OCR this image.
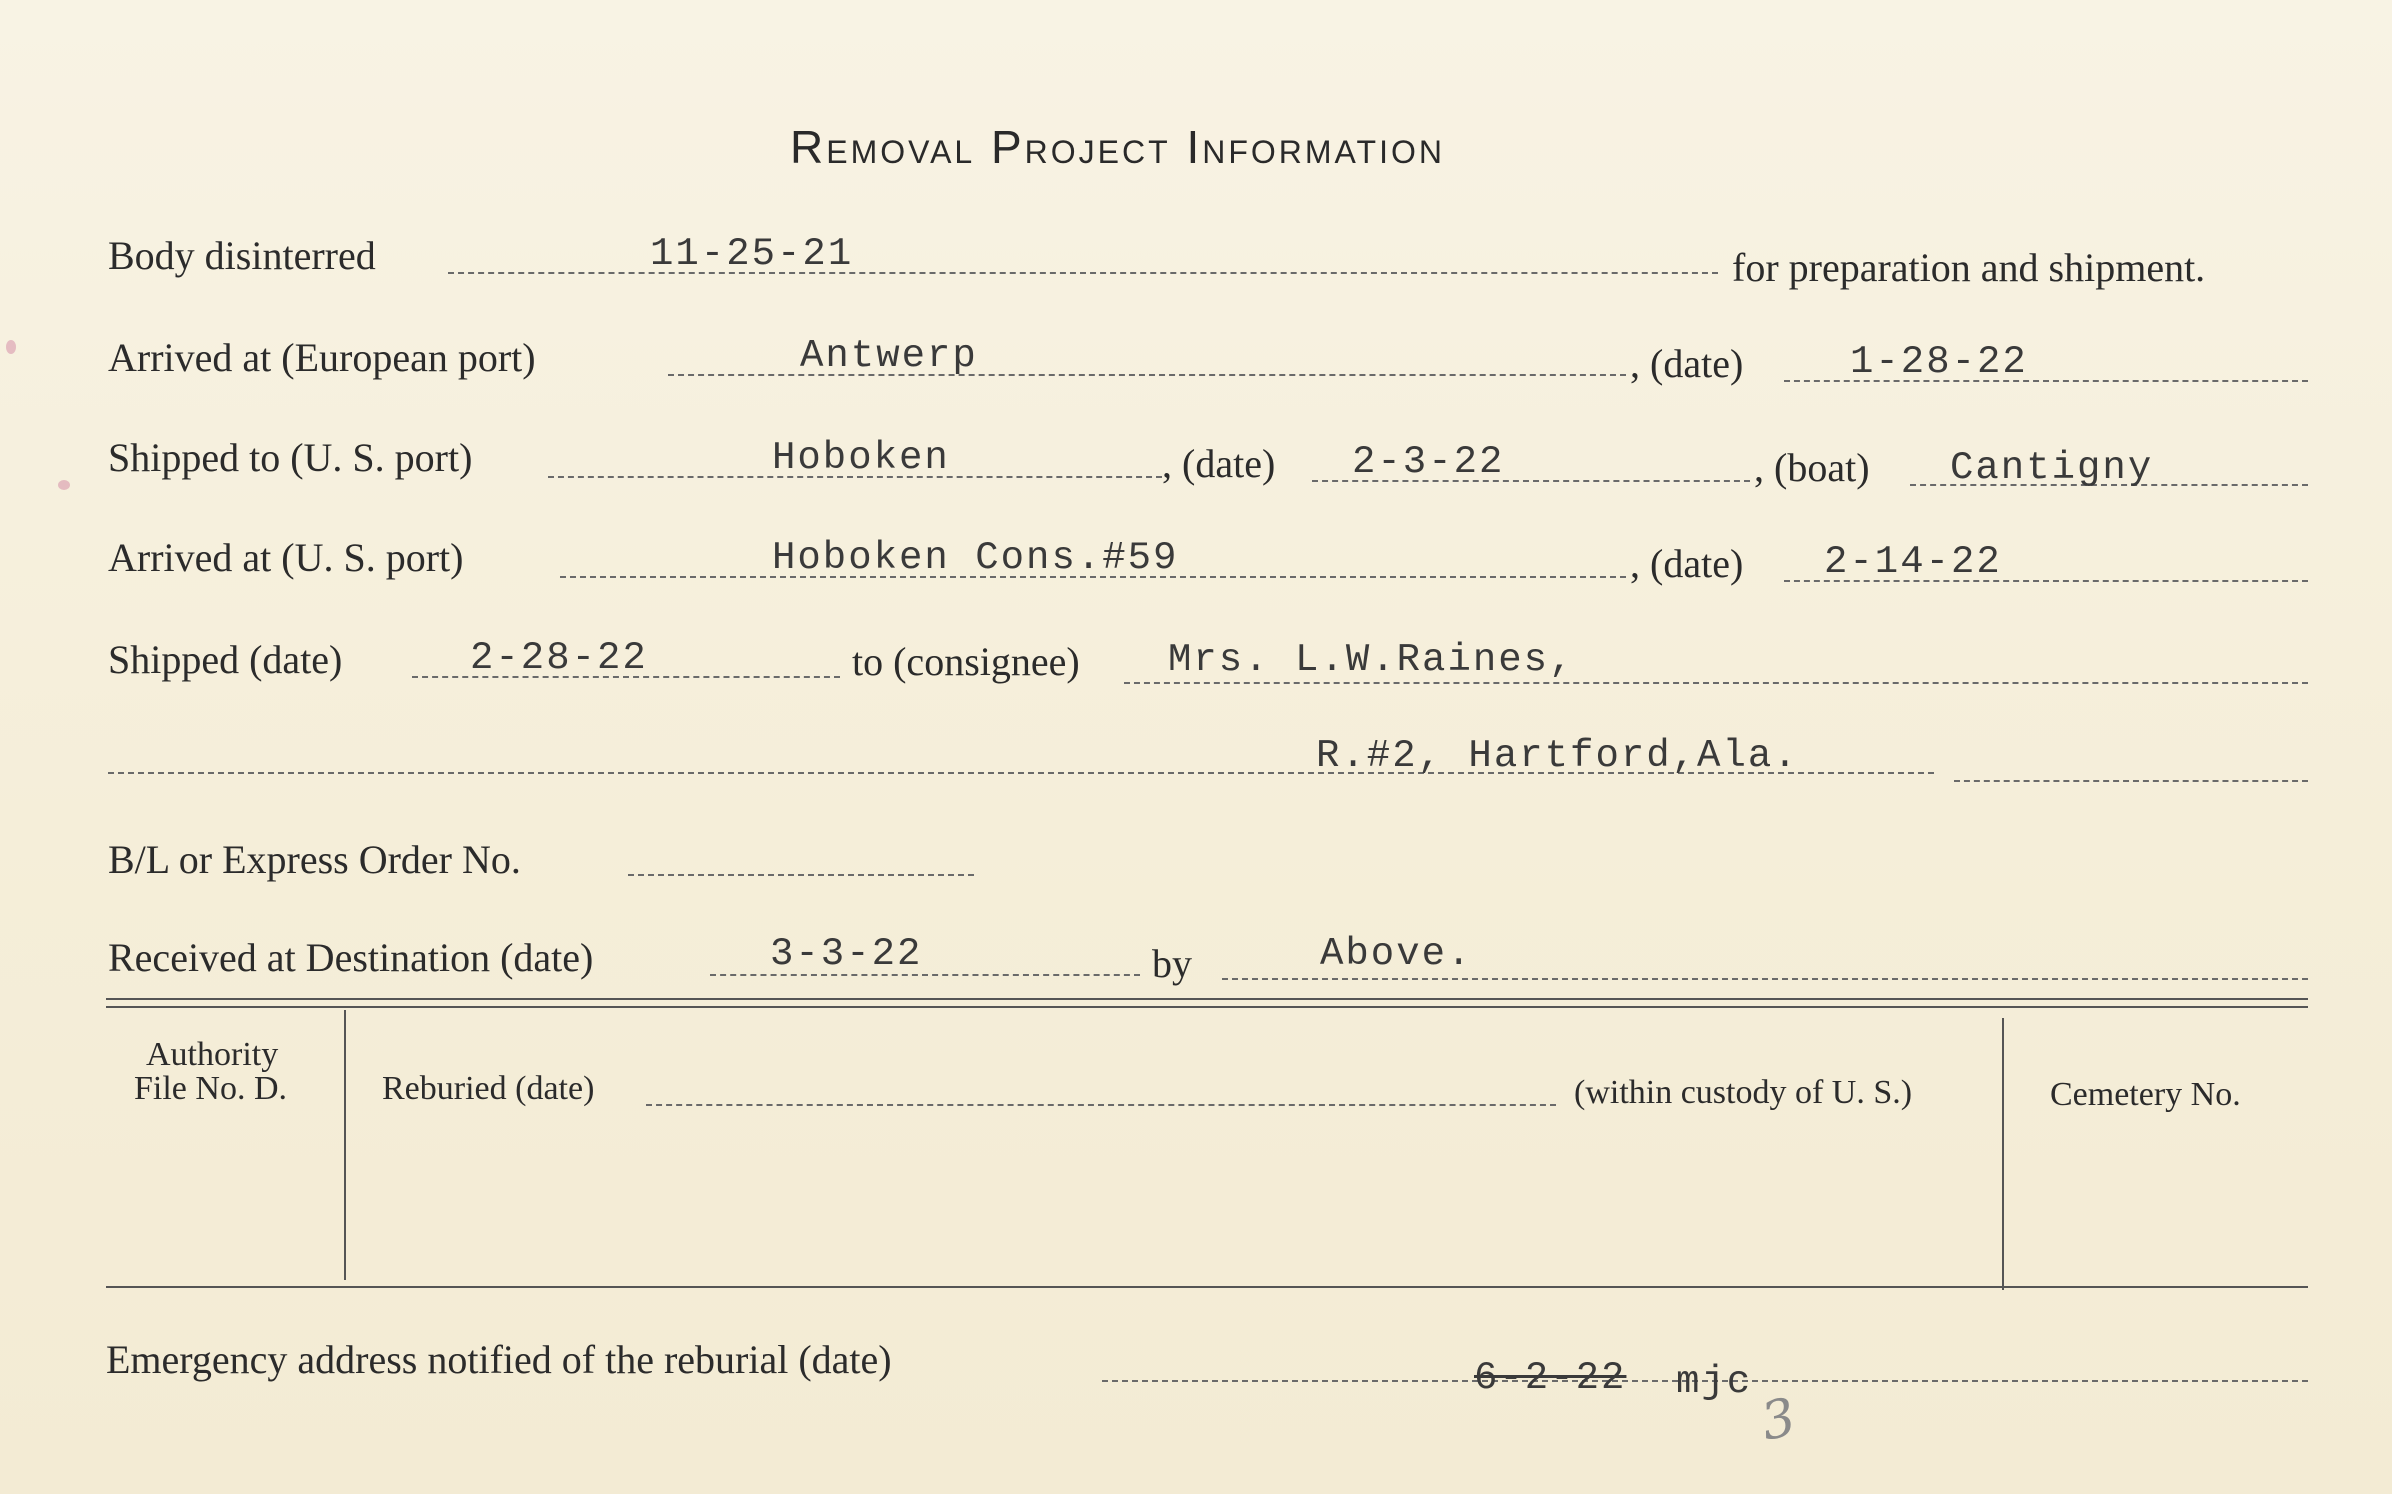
Removal Project Information
Body disinterred	11-25-21	for preparation and shipment.
Arrived at (European port)	Antwerp	, (date)	1-28-22
Shipped to (U. S. port)	Hoboken	, (date) 2-3-22	, (boat) Cantigny
Arrived at (U. S. port)	Hoboken Cons.#59	, (date) 2-14-22
Shipped (date)	2-28-22	to (consignee) Mrs. L.W.Raines,
R.#2, Hartford,Ala.
B/L or Express Order No.
Received at Destination (date)	3-3-22	by	Above.
Authority
File No. D.	Reburied (date)	(within custody of U. S.)	Cemetery No.
Emergency address notified of the reburial (date)	6-2-22 mjc
3
